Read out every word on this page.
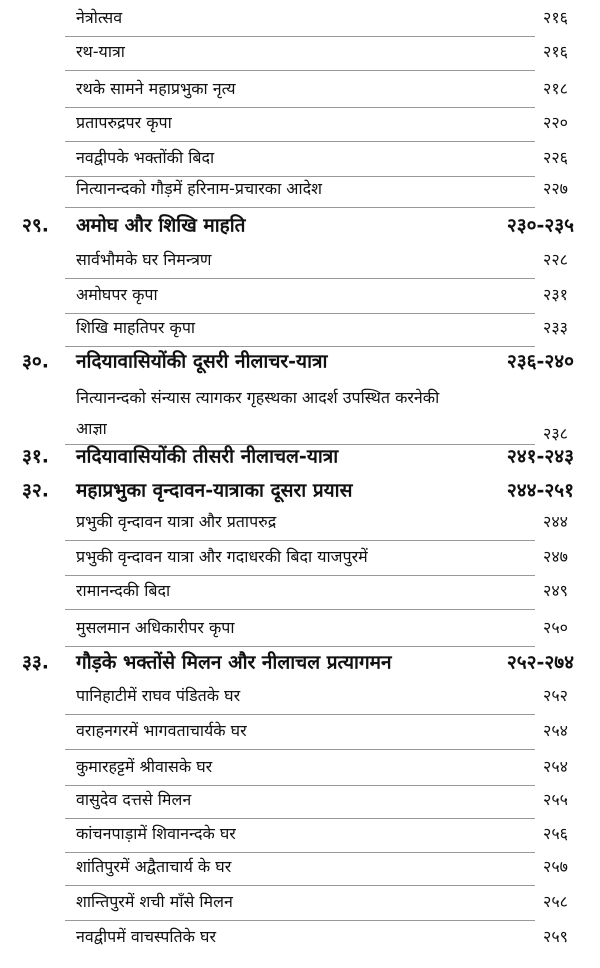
नेत्रोत्सव	२१६
रथ-यात्रा	२१६
रथके सामने महाप्रभुका नृत्य	२१८
प्रतापरुद्रपर कृपा	२२०
नवद्वीपके भक्तोंकी बिदा	२२६
नित्यानन्दको गौड़में हरिनाम-प्रचारका आदेश	२२७
२९. अमोघ और शिखि माहति	२३०-२३५
सार्वभौमके घर निमन्त्रण	२२८
अमोघपर कृपा	२३१
शिखि माहतिपर कृपा	२३३
३०. नदियावासियोंकी दूसरी नीलाचर-यात्रा	२३६-२४०
नित्यानन्दको संन्यास त्यागकर गृहस्थका आदर्श उपस्थित करनेकी
आज्ञा	२३८
३१. नदियावासियोंकी तीसरी नीलाचल-यात्रा	२४१-२४३
३२. महाप्रभुका वृन्दावन-यात्राका दूसरा प्रयास	२४४-२५१
प्रभुकी वृन्दावन यात्रा और प्रतापरुद्र	२४४
प्रभुकी वृन्दावन यात्रा और गदाधरकी बिदा याजपुरमें	२४७
रामानन्दकी बिदा	२४९
मुसलमान अधिकारीपर कृपा	२५०
३३. गौड़के भक्तोंसे मिलन और नीलाचल प्रत्यागमन	२५२-२७४
पानिहाटीमें राघव पंडितके घर	२५२
वराहनगरमें भागवताचार्यके घर	२५४
कुमारहट्टमें श्रीवासके घर	२५४
वासुदेव दत्तसे मिलन	२५५
कांचनपाड़ामें शिवानन्दके घर	२५६
शांतिपुरमें अद्वैताचार्य के घर	२५७
शान्तिपुरमें शची माँसे मिलन	२५८
नवद्वीपमें वाचस्पतिके घर	२५९
